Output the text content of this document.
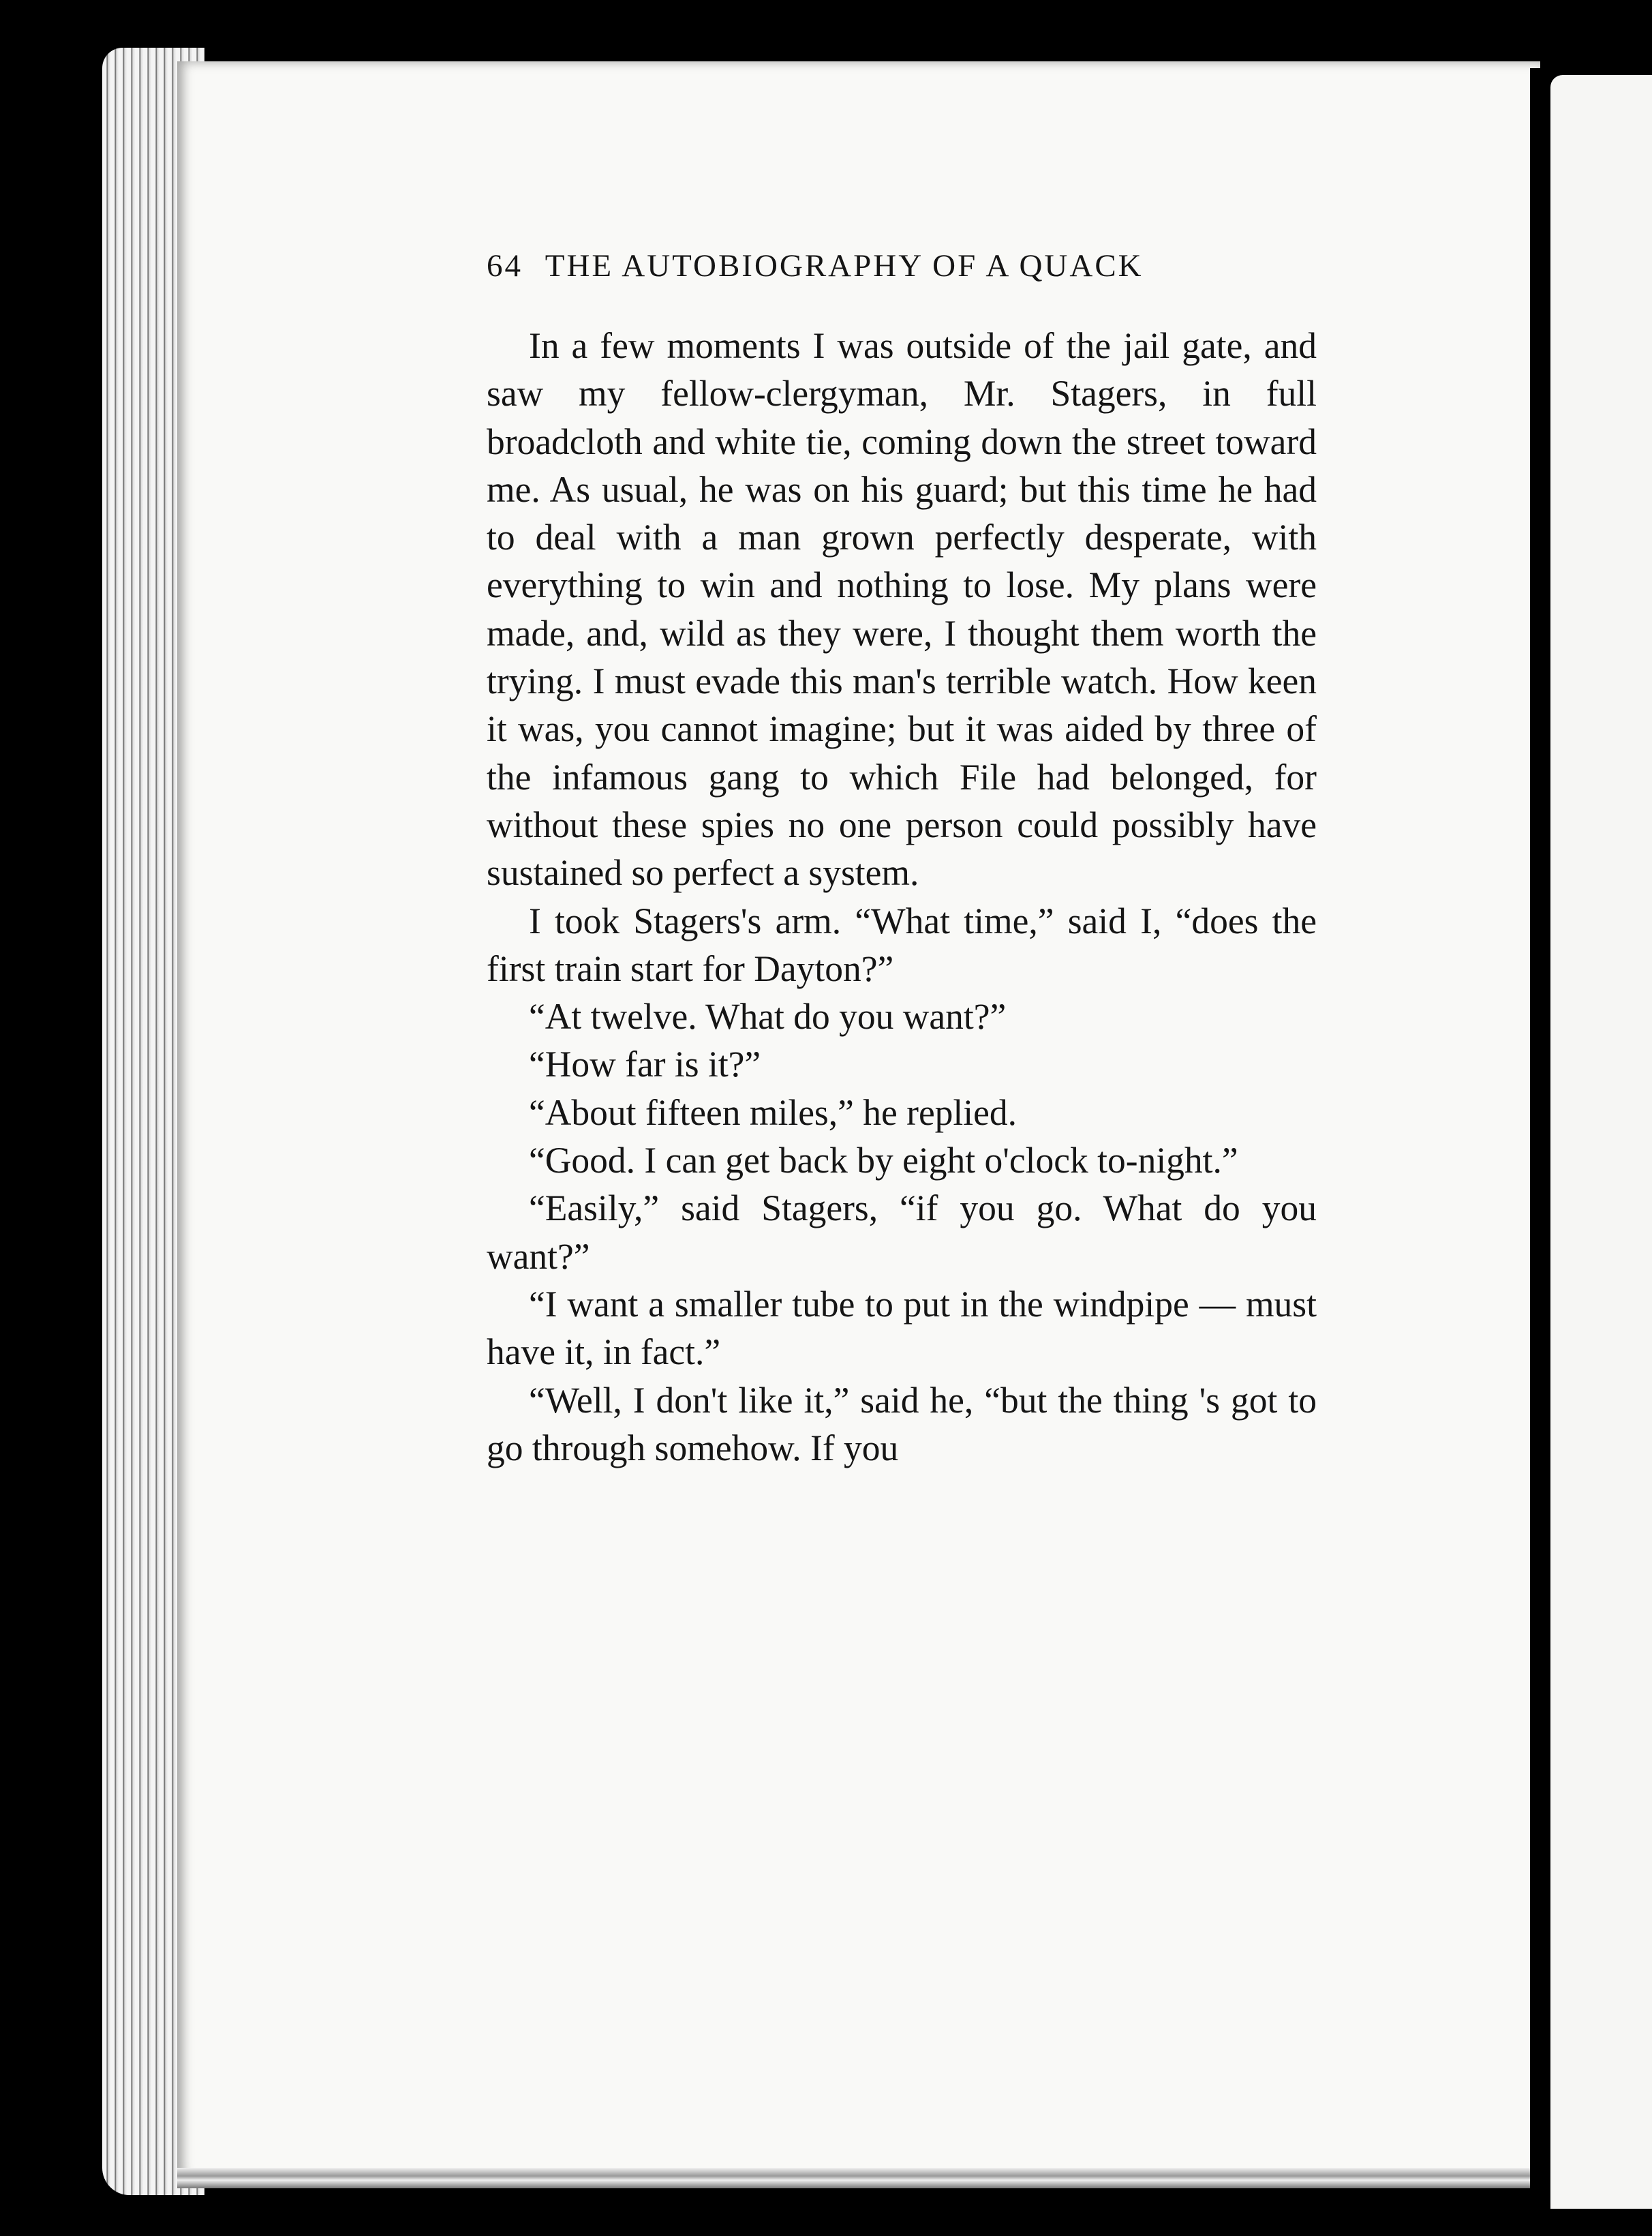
64 THE AUTOBIOGRAPHY OF A QUACK

In a few moments I was outside of the jail gate, and saw my fellow-clergyman, Mr. Stagers, in full broadcloth and white tie, coming down the street toward me. As usual, he was on his guard; but this time he had to deal with a man grown perfectly desperate, with everything to win and nothing to lose. My plans were made, and, wild as they were, I thought them worth the trying. I must evade this man's terrible watch. How keen it was, you cannot imagine; but it was aided by three of the infamous gang to which File had belonged, for without these spies no one person could possibly have sustained so perfect a system.

I took Stagers's arm. “What time,” said I, “does the first train start for Dayton?”

“At twelve. What do you want?”

“How far is it?”

“About fifteen miles,” he replied.

“Good. I can get back by eight o'clock to-night.”

“Easily,” said Stagers, “if you go. What do you want?”

“I want a smaller tube to put in the windpipe — must have it, in fact.”

“Well, I don't like it,” said he, “but the thing 's got to go through somehow. If you
